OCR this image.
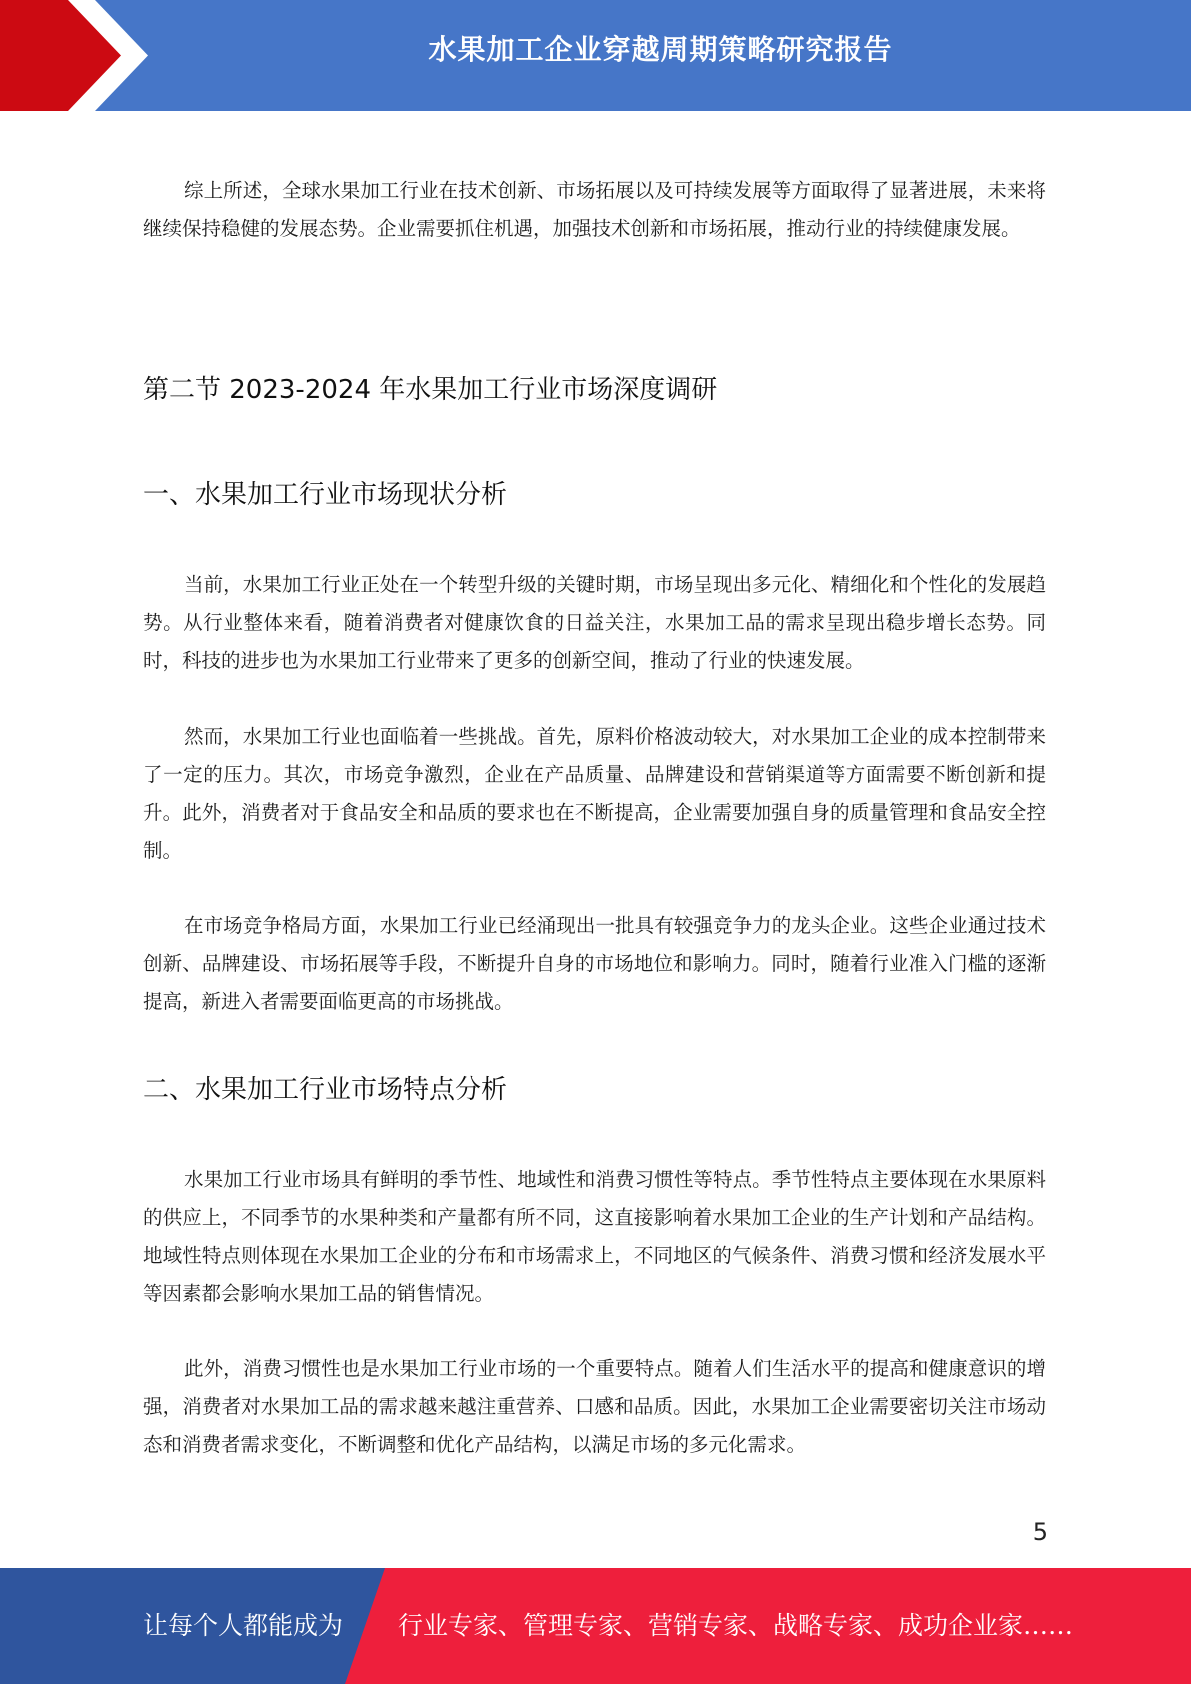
水果加工企业穿越周期策略研究报告

综上所述，全球水果加工行业在技术创新、市场拓展以及可持续发展等方面取得了显著进展，未来将继续保持稳健的发展态势。企业需要抓住机遇，加强技术创新和市场拓展，推动行业的持续健康发展。

第二节 2023-2024 年水果加工行业市场深度调研
一、水果加工行业市场现状分析

当前，水果加工行业正处在一个转型升级的关键时期，市场呈现出多元化、精细化和个性化的发展趋势。从行业整体来看，随着消费者对健康饮食的日益关注，水果加工品的需求呈现出稳步增长态势。同时，科技的进步也为水果加工行业带来了更多的创新空间，推动了行业的快速发展。

然而，水果加工行业也面临着一些挑战。首先，原料价格波动较大，对水果加工企业的成本控制带来了一定的压力。其次，市场竞争激烈，企业在产品质量、品牌建设和营销渠道等方面需要不断创新和提升。此外，消费者对于食品安全和品质的要求也在不断提高，企业需要加强自身的质量管理和食品安全控制。

在市场竞争格局方面，水果加工行业已经涌现出一批具有较强竞争力的龙头企业。这些企业通过技术创新、品牌建设、市场拓展等手段，不断提升自身的市场地位和影响力。同时，随着行业准入门槛的逐渐提高，新进入者需要面临更高的市场挑战。

二、水果加工行业市场特点分析

水果加工行业市场具有鲜明的季节性、地域性和消费习惯性等特点。季节性特点主要体现在水果原料的供应上，不同季节的水果种类和产量都有所不同，这直接影响着水果加工企业的生产计划和产品结构。地域性特点则体现在水果加工企业的分布和市场需求上，不同地区的气候条件、消费习惯和经济发展水平等因素都会影响水果加工品的销售情况。

此外，消费习惯性也是水果加工行业市场的一个重要特点。随着人们生活水平的提高和健康意识的增强，消费者对水果加工品的需求越来越注重营养、口感和品质。因此，水果加工企业需要密切关注市场动态和消费者需求变化，不断调整和优化产品结构，以满足市场的多元化需求。

5
让每个人都能成为 行业专家、管理专家、营销专家、战略专家、成功企业家……
